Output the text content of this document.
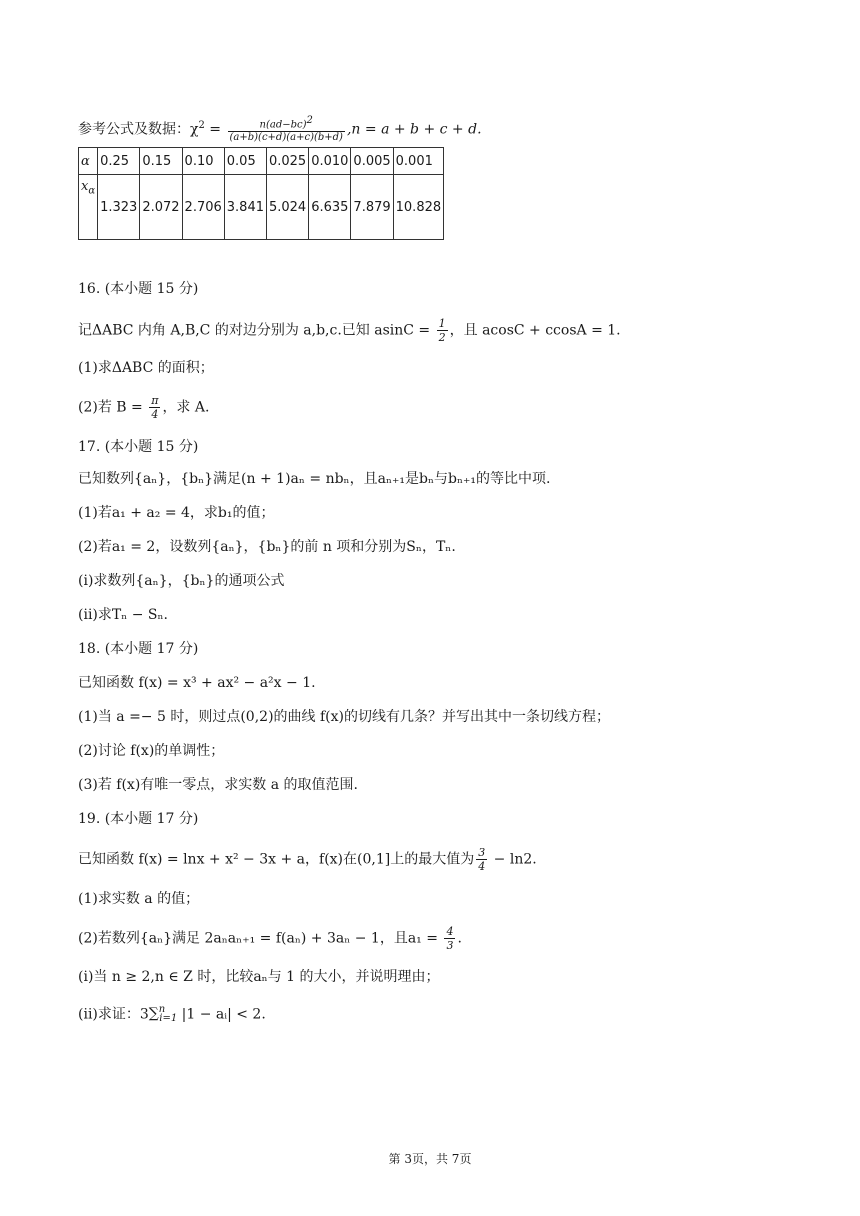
参考公式及数据：$\chi^2 = \frac{n(ad-bc)^2}{(a+b)(c+d)(a+c)(b+d)} ,n = a + b + c + d$.
α	0.25	0.15	0.10	0.05	0.025	0.010	0.005	0.001
$x_\alpha$	1.323	2.072	2.706	3.841	5.024	6.635	7.879	10.828
16. (本小题 15 分)
记ΔABC 内角 A,B,C 的对边分别为 a,b,c.已知 $asinC = \frac{1}{2}$ ，且 acosC + ccosA = 1.
(1)求ΔABC 的面积；
(2)若 $B = \frac{\pi}{4}$ ，求 A.
17. (本小题 15 分)
已知数列{aₙ}，{bₙ}满足(n + 1)aₙ = nbₙ，且aₙ₊₁是bₙ与bₙ₊₁的等比中项.
(1)若a₁ + a₂ = 4，求b₁的值；
(2)若a₁ = 2，设数列{aₙ}，{bₙ}的前 n 项和分别为Sₙ，Tₙ.
(ⅰ)求数列{aₙ}，{bₙ}的通项公式
(ⅱ)求Tₙ − Sₙ.
18. (本小题 17 分)
已知函数 f(x) = x³ + ax² − a²x − 1.
(1)当 a =− 5 时，则过点(0,2)的曲线 f(x)的切线有几条？并写出其中一条切线方程；
(2)讨论 f(x)的单调性；
(3)若 f(x)有唯一零点，求实数 a 的取值范围.
19. (本小题 17 分)
已知函数 f(x) = lnx + x² − 3x + a，f(x)在(0,1]上的最大值为 $\frac{3}{4} - \ln 2$.
(1)求实数 a 的值；
(2)若数列{aₙ}满足 2aₙaₙ₊₁ = f(aₙ) + 3aₙ − 1，且$a_1 = \frac{4}{3}$ .
(ⅰ)当 n ≥ 2,n ∈ Z 时，比较aₙ与 1 的大小，并说明理由；
(ⅱ)求证：3∑$^n_{i=1}$ |1 − aᵢ| < 2.
第 3页，共 7页
